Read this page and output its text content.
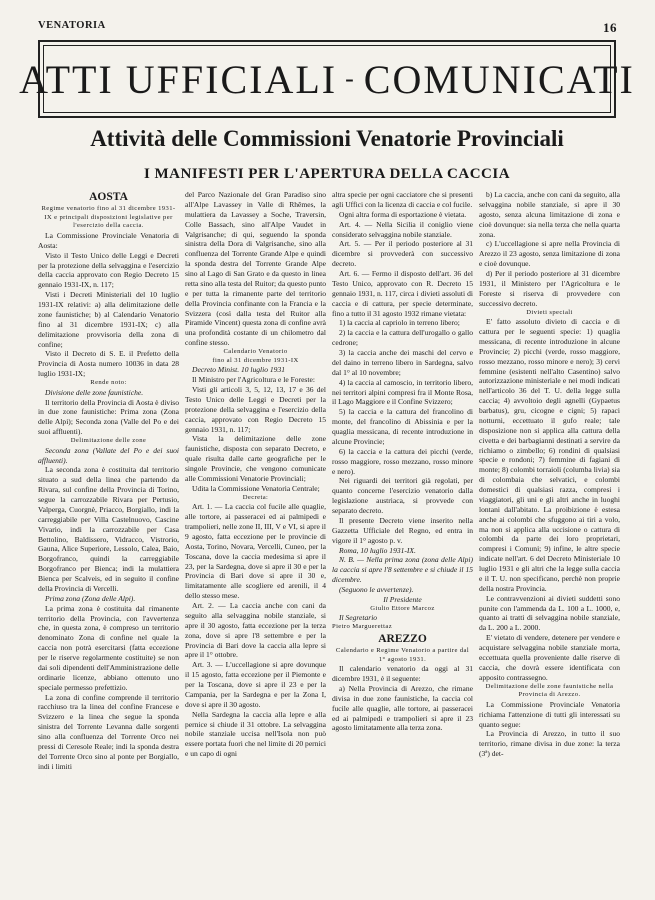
VENATORIA	16
ATTI UFFICIALI - COMUNICATI
Attività delle Commissioni Venatorie Provinciali
I MANIFESTI PER L'APERTURA DELLA CACCIA

AOSTA

Regime venatorio fino al 31 dicembre 1931-IX e principali disposizioni legislative per l'esercizio della caccia.

La Commissione Provinciale Venatoria di Aosta:

Visto il Testo Unico delle Leggi e Decreti per la protezione della selvaggina e l'esercizio della caccia approvato con Regio Decreto 15 gennaio 1931-IX, n. 117;

Visti i Decreti Ministeriali del 10 luglio 1931-IX relativi: a) alla delimitazione delle zone faunistiche; b) al Calendario Venatorio fino al 31 dicembre 1931-IX; c) alla delimitazione provvisoria della zona di confine;

Visto il Decreto di S. E. il Prefetto della Provincia di Aosta numero 10036 in data 28 luglio 1931-IX;

Rende noto:

Divisione delle zone faunistiche.

Il territorio della Provincia di Aosta è diviso in due zone faunistiche: Prima zona (Zona delle Alpi); Seconda zona (Valle del Po e dei suoi affluenti).

Delimitazione delle zone

Seconda zona (Vallate del Po e dei suoi affluenti).

La seconda zona è costituita dal territorio situato a sud della linea che partendo da Rivara, sul confine della Provincia di Torino, segue la carrozzabile Rivara per Pertusio, Valperga, Cuorgnè, Priacco, Borgiallo, indi la carreggiabile per Villa Castelnuovo, Cascine Vivario, indi la carrozzabile per Casa Bettolino, Baldissero, Vidracco, Vistrorio, Gauna, Alice Superiore, Lessolo, Calea, Baio, Borgofranco, quindi la carreggiabile Borgofranco per Bienca; indi la mulattiera Bienca per Scalveis, ed in seguito il confine della Provincia di Vercelli.

Prima zona (Zona delle Alpi).

La prima zona è costituita dal rimanente territorio della Provincia, con l'avvertenza che, in questa zona, è compreso un territorio denominato Zona di confine nel quale la caccia non potrà esercitarsi (fatta eccezione per le riserve regolarmente costituite) se non dai soli dipendenti dell'Amministrazione delle ordinarie licenze, abbiano ottenuto uno speciale permesso prefettizio.

La zona di confine comprende il territorio racchiuso tra la linea del confine Francese e Svizzero e la linea che segue la sponda sinistra del Torrente Levanna dalle sorgenti sino alla confluenza del Torrente Orco nei pressi di Ceresole Reale; indi la sponda destra del Torrente Orco sino al ponte per Borgiallo, indi i limiti

del Parco Nazionale del Gran Paradiso sino all'Alpe Lavassey in Valle di Rhêmes, la mulattiera da Lavassey a Soche, Traversin, Colle Bassach, sino all'Alpe Vaudet in Valgrisanche; di qui, seguendo la sponda sinistra della Dora di Valgrisanche, sino alla confluenza del Torrente Grande Alpe e quindi la sponda destra del Torrente Grande Alpe sino al Lago di San Grato e da questo in linea retta sino alla testa del Ruitor; da questo punto e per tutta la rimanente parte del territorio della Provincia confinante con la Francia e la Svizzera (così dalla testa del Ruitor alla Piramide Vincent) questa zona di confine avrà una profondità costante di un chilometro dal confine stesso.

Calendario Venatorio

fino al 31 dicembre 1931-IX

Decreto Minist. 10 luglio 1931

Il Ministro per l'Agricoltura e le Foreste:

Visti gli articoli 3, 5, 12, 13, 17 e 36 del Testo Unico delle Leggi e Decreti per la protezione della selvaggina e l'esercizio della caccia, approvato con Regio Decreto 15 gennaio 1931, n. 117;

Vista la delimitazione delle zone faunistiche, disposta con separato Decreto, e quale risulta dalle carte geografiche per le singole Provincie, che vengono comunicate alle Commissioni Venatorie Provinciali;

Udita la Commissione Venatoria Centrale;

Decreta:

Art. 1. — La caccia col fucile alle quaglie, alle tortore, ai passeracei ed ai palmipedi e trampolieri, nelle zone II, III, V e VI, si apre il 9 agosto, fatta eccezione per le provincie di Aosta, Torino, Novara, Vercelli, Cuneo, per la Toscana, dove la caccia medesima si apre il 23, per la Sardegna, dove si apre il 30 e per la Provincia di Bari dove si apre il 30 e, limitatamente alle scogliere ed arenili, il 4 dello stesso mese.

Art. 2. — La caccia anche con cani da seguito alla selvaggina nobile stanziale, si apre il 30 agosto, fatta eccezione per la terza zona, dove si apre l'8 settembre e per la Provincia di Bari dove la caccia alla lepre si apre il 1° ottobre.

Art. 3. — L'uccellagione si apre dovunque il 15 agosto, fatta eccezione per il Piemonte e per la Toscana, dove si apre il 23 e per la Campania, per la Sardegna e per la Zona I, dove si apre il 30 agosto.

Nella Sardegna la caccia alla lepre e alla pernice si chiude il 31 ottobre. La selvaggina nobile stanziale uccisa nell'Isola non può essere portata fuori che nel limite di 20 pernici e un capo di ogni

altra specie per ogni cacciatore che si presenti agli Uffici con la licenza di caccia e col fucile.

Ogni altra forma di esportazione è vietata.

Art. 4. — Nella Sicilia il coniglio viene considerato selvaggina nobile stanziale.

Art. 5. — Per il periodo posteriore al 31 dicembre si provvederà con successivo decreto.

Art. 6. — Fermo il disposto dell'art. 36 del Testo Unico, approvato con R. Decreto 15 gennaio 1931, n. 117, circa i divieti assoluti di caccia e di cattura, per specie determinate, fino a tutto il 31 agosto 1932 rimane vietata:

1) la caccia al capriolo in terreno libero;

2) la caccia e la cattura dell'urogallo o gallo cedrone;

3) la caccia anche dei maschi del cervo e del daino in terreno libero in Sardegna, salvo dal 1° al 10 novembre;

4) la caccia al camoscio, in territorio libero, nei territori alpini compresi fra il Monte Rosa, il Lago Maggiore e il Confine Svizzero;

5) la caccia e la cattura del francolino di monte, del francolino di Abissinia e per la quaglia messicana, di recente introduzione in alcune Provincie;

6) la caccia e la cattura dei picchi (verde, rosso maggiore, rosso mezzano, rosso minore e nero).

Nei riguardi dei territori già regolati, per quanto concerne l'esercizio venatorio dalla legislazione austriaca, si provvede con separato decreto.

Il presente Decreto viene inserito nella Gazzetta Ufficiale del Regno, ed entra in vigore il 1° agosto p. v.

Roma, 10 luglio 1931-IX.

N. B. — Nella prima zona (zona delle Alpi) la caccia si apre l'8 settembre e si chiude il 15 dicembre.

(Seguono le avvertenze).

Il Presidente

Giulio Ettore Marcoz

Il Segretario

Pietro Marguerettaz

AREZZO

Calendario e Regime Venatorio a partire dal 1° agosto 1931.

Il calendario venatorio da oggi al 31 dicembre 1931, è il seguente:

a) Nella Provincia di Arezzo, che rimane divisa in due zone faunistiche, la caccia col fucile alle quaglie, alle tortore, ai passeracei ed ai palmipedi e trampolieri si apre il 23 agosto limitatamente alla terza zona.

b) La caccia, anche con cani da seguito, alla selvaggina nobile stanziale, si apre il 30 agosto, senza alcuna limitazione di zona e cioè dovunque: sia nella terza che nella quarta zona.

c) L'uccellagione si apre nella Provincia di Arezzo il 23 agosto, senza limitazione di zona e cioè dovunque.

d) Per il periodo posteriore al 31 dicembre 1931, il Ministero per l'Agricoltura e le Foreste si riserva di provvedere con successivo decreto.

Divieti speciali

E' fatto assoluto divieto di caccia e di cattura per le seguenti specie: 1) quaglia messicana, di recente introduzione in alcune Provincie; 2) picchi (verde, rosso maggiore, rosso mezzano, rosso minore e nero); 3) cervi femmine (esistenti nell'alto Casentino) salvo autorizzazione ministeriale e nei modi indicati nell'articolo 36 del T. U. della legge sulla caccia; 4) avvoltoio degli agnelli (Gypaetus barbatus), gru, cicogne e cigni; 5) rapaci notturni, eccettuato il gufo reale; tale disposizione non si applica alla cattura della civetta e dei barbagianni destinati a servire da richiamo o zimbello; 6) rondini di qualsiasi specie e rondoni; 7) femmine di fagiani di monte; 8) colombi torraioli (columba livia) sia di colombaia che selvatici, e colombi domestici di qualsiasi razza, compresi i viaggiatori, gli uni e gli altri anche in luoghi lontani dall'abitato. La proibizione è estesa anche ai colombi che sfuggono ai tiri a volo, ma non si applica alla uccisione o cattura di colombi da parte dei loro proprietari, compresi i Comuni; 9) infine, le altre specie indicate nell'art. 6 del Decreto Ministeriale 10 luglio 1931 e gli altri che la legge sulla caccia e il T. U. non specificano, perchè non proprie della nostra Provincia.

Le contravvenzioni ai divieti suddetti sono punite con l'ammenda da L. 100 a L. 1000, e, quanto ai tratti di selvaggina nobile stanziale, da L. 200 a L. 2000.

E' vietato di vendere, detenere per vendere e acquistare selvaggina nobile stanziale morta, eccettuata quella proveniente dalle riserve di caccia, che dovrà essere identificata con apposito contrassegno.

Delimitazione delle zone faunistiche nella Provincia di Arezzo.

La Commissione Provinciale Venatoria richiama l'attenzione di tutti gli interessati su quanto segue:

La Provincia di Arezzo, in tutto il suo territorio, rimane divisa in due zone: la terza (3ª) det-
